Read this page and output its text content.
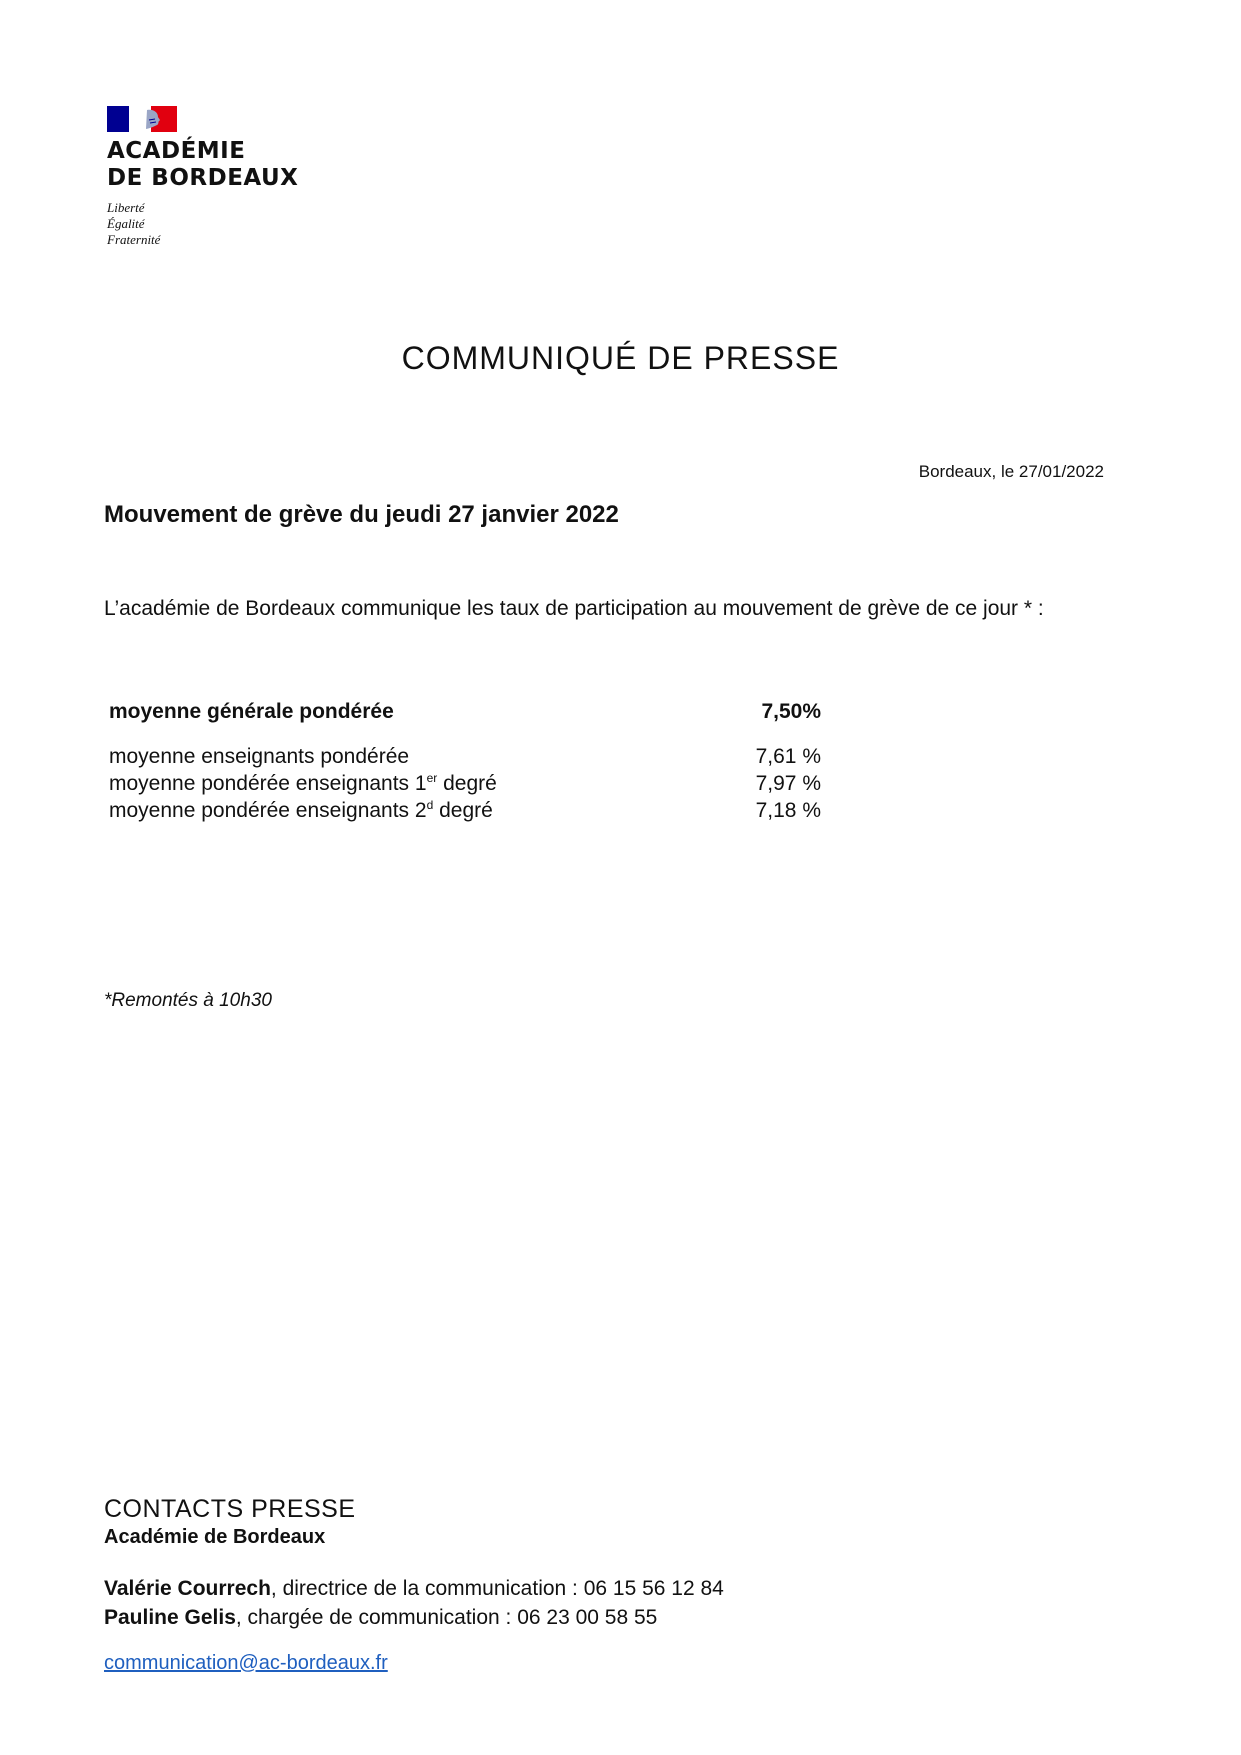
ACADÉMIE
DE BORDEAUX
Liberté
Égalité
Fraternité
COMMUNIQUÉ DE PRESSE
Bordeaux, le 27/01/2022
Mouvement de grève du jeudi 27 janvier 2022
L’académie de Bordeaux communique les taux de participation au mouvement de grève de ce jour * :
moyenne générale pondérée	7,50%
moyenne enseignants pondérée	7,61 %
moyenne pondérée enseignants 1er degré	7,97 %
moyenne pondérée enseignants 2$^d$ degré	7,18 %
*Remontés à 10h30
CONTACTS PRESSE
Académie de Bordeaux
Valérie Courrech, directrice de la communication : 06 15 56 12 84
Pauline Gelis, chargée de communication : 06 23 00 58 55
communication@ac-bordeaux.fr
